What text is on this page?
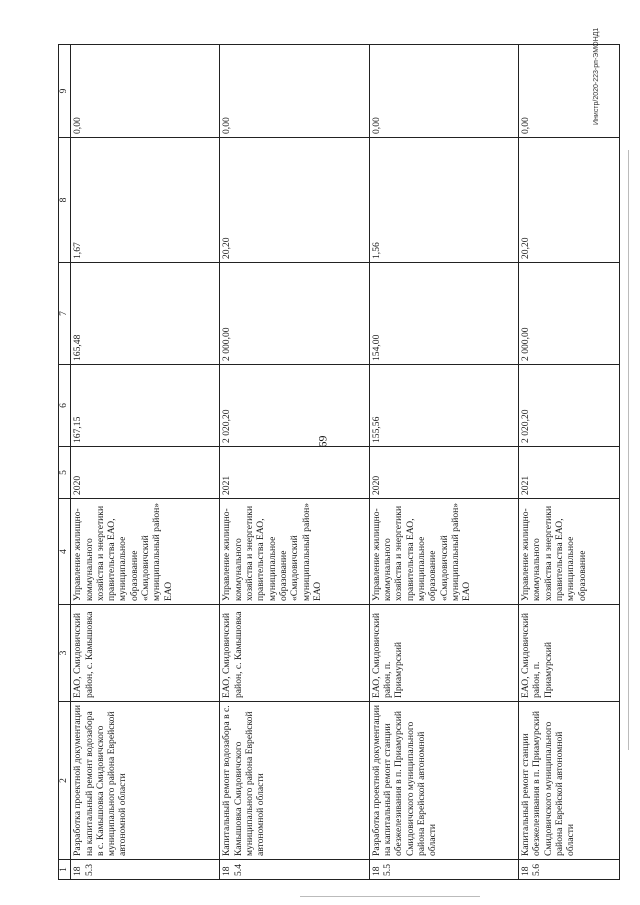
69
Инистр/2020-223-рп-ЭМОНД1
1	2	3	4	5	6	7	8	9
185.3	Разработка проектной документации на капитальный ремонт водозабора в с. Камышовка Смидовичского муниципального района Еврейской автономной области	ЕАО, Смидовичский район, с. Камышовка	Управление жилищно-коммунального хозяйства и энергетики правительства ЕАО, муниципальное образование «Смидовичский муниципальный район» ЕАО	2020	167,15	165,48	1,67	0,00
185.4	Капитальный ремонт водозабора в с. Камышовка Смидовичского муниципального района Еврейской автономной области	ЕАО, Смидовичский район, с. Камышовка	Управление жилищно-коммунального хозяйства и энергетики правительства ЕАО, муниципальное образование «Смидовичский муниципальный район» ЕАО	2021	2 020,20	2 000,00	20,20	0,00
185.5	Разработка проектной документации на капитальный ремонт станции обезжелезивания в п. Приамурский Смидовичского муниципального района Еврейской автономной области	ЕАО, Смидовичский район, п. Приамурский	Управление жилищно-коммунального хозяйства и энергетики правительства ЕАО, муниципальное образование «Смидовичский муниципальный район» ЕАО	2020	155,56	154,00	1,56	0,00
185.6	Капитальный ремонт станции обезжелезивания в п. Приамурский Смидовичского муниципального района Еврейской автономной области	ЕАО, Смидовичский район, п. Приамурский	Управление жилищно-коммунального хозяйства и энергетики правительства ЕАО, муниципальное образование	2021	2 020,20	2 000,00	20,20	0,00
